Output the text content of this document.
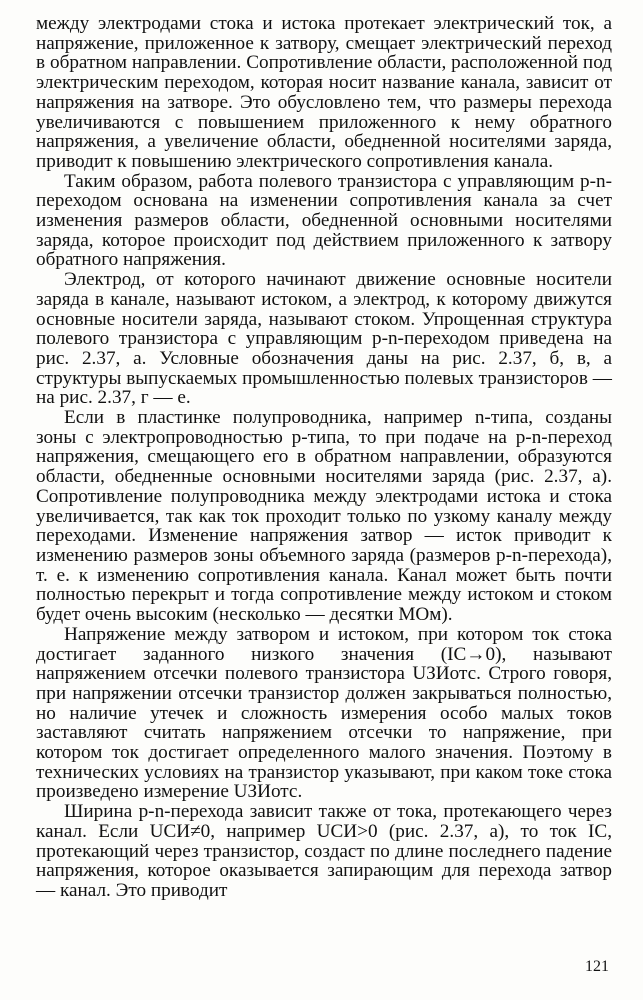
между электродами стока и истока протекает электрический ток, а напряжение, приложенное к затвору, смещает электрический переход в обратном направлении. Сопротивление области, расположенной под электрическим переходом, которая носит название канала, зависит от напряжения на затворе. Это обусловлено тем, что размеры перехода увеличиваются с повышением приложенного к нему обратного напряжения, а увеличение области, обедненной носителями заряда, приводит к повышению электрического сопротивления канала.

Таким образом, работа полевого транзистора с управляющим p-n-переходом основана на изменении сопротивления канала за счет изменения размеров области, обедненной основными носителями заряда, которое происходит под действием приложенного к затвору обратного напряжения.

Электрод, от которого начинают движение основные носители заряда в канале, называют истоком, а электрод, к которому движутся основные носители заряда, называют стоком. Упрощенная структура полевого транзистора с управляющим p-n-переходом приведена на рис. 2.37, а. Условные обозначения даны на рис. 2.37, б, в, а структуры выпускаемых промышленностью полевых транзисторов — на рис. 2.37, г — е.

Если в пластинке полупроводника, например n-типа, созданы зоны с электропроводностью p-типа, то при подаче на p-n-переход напряжения, смещающего его в обратном направлении, образуются области, обедненные основными носителями заряда (рис. 2.37, а). Сопротивление полупроводника между электродами истока и стока увеличивается, так как ток проходит только по узкому каналу между переходами. Изменение напряжения затвор — исток приводит к изменению размеров зоны объемного заряда (размеров p-n-перехода), т. е. к изменению сопротивления канала. Канал может быть почти полностью перекрыт и тогда сопротивление между истоком и стоком будет очень высоким (несколько — десятки МОм).

Напряжение между затвором и истоком, при котором ток стока достигает заданного низкого значения (IС→0), называют напряжением отсечки полевого транзистора UЗИотс. Строго говоря, при напряжении отсечки транзистор должен закрываться полностью, но наличие утечек и сложность измерения особо малых токов заставляют считать напряжением отсечки то напряжение, при котором ток достигает определенного малого значения. Поэтому в технических условиях на транзистор указывают, при каком токе стока произведено измерение UЗИотс.

Ширина p-n-перехода зависит также от тока, протекающего через канал. Если UСИ≠0, например UСИ>0 (рис. 2.37, а), то ток IС, протекающий через транзистор, создаст по длине последнего падение напряжения, которое оказывается запирающим для перехода затвор — канал. Это приводит

121
